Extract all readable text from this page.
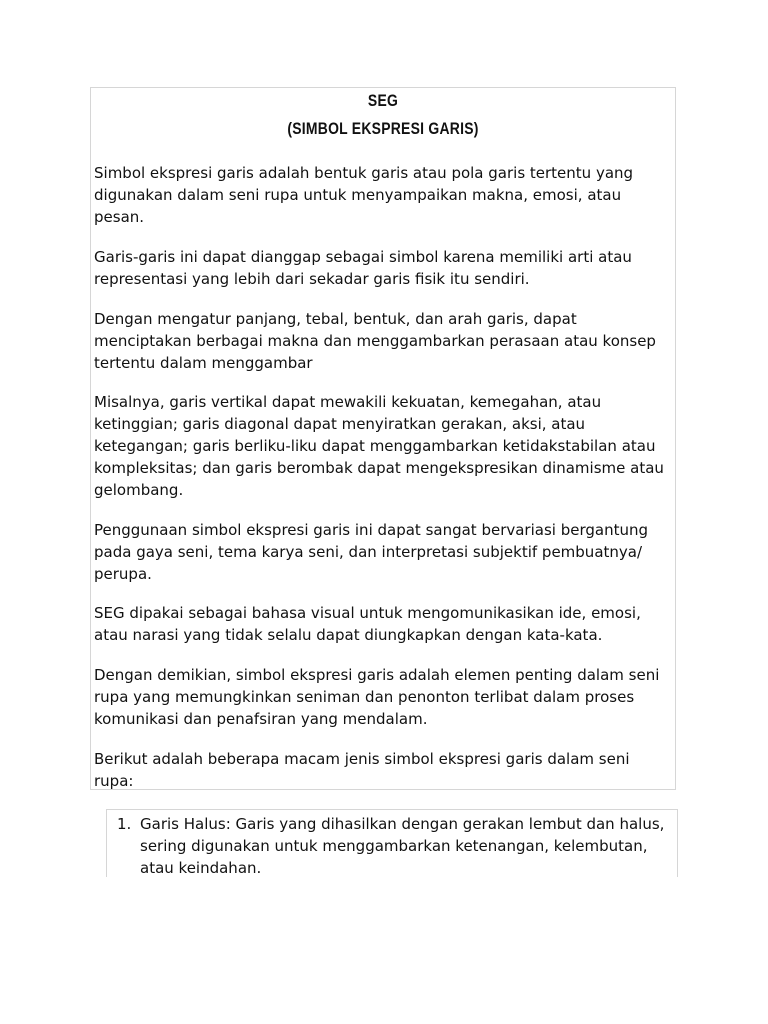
SEG
(SIMBOL EKSPRESI GARIS)

Simbol ekspresi garis adalah bentuk garis atau pola garis tertentu yang
digunakan dalam seni rupa untuk menyampaikan makna, emosi, atau
pesan.

Garis-garis ini dapat dianggap sebagai simbol karena memiliki arti atau
representasi yang lebih dari sekadar garis fisik itu sendiri.

Dengan mengatur panjang, tebal, bentuk, dan arah garis, dapat
menciptakan berbagai makna dan menggambarkan perasaan atau konsep
tertentu dalam menggambar

Misalnya, garis vertikal dapat mewakili kekuatan, kemegahan, atau
ketinggian; garis diagonal dapat menyiratkan gerakan, aksi, atau
ketegangan; garis berliku-liku dapat menggambarkan ketidakstabilan atau
kompleksitas; dan garis berombak dapat mengekspresikan dinamisme atau
gelombang.

Penggunaan simbol ekspresi garis ini dapat sangat bervariasi bergantung
pada gaya seni, tema karya seni, dan interpretasi subjektif pembuatnya/
perupa.

SEG dipakai sebagai bahasa visual untuk mengomunikasikan ide, emosi,
atau narasi yang tidak selalu dapat diungkapkan dengan kata-kata.

Dengan demikian, simbol ekspresi garis adalah elemen penting dalam seni
rupa yang memungkinkan seniman dan penonton terlibat dalam proses
komunikasi dan penafsiran yang mendalam.

Berikut adalah beberapa macam jenis simbol ekspresi garis dalam seni
rupa:

1. Garis Halus: Garis yang dihasilkan dengan gerakan lembut dan halus,
sering digunakan untuk menggambarkan ketenangan, kelembutan,
atau keindahan.
